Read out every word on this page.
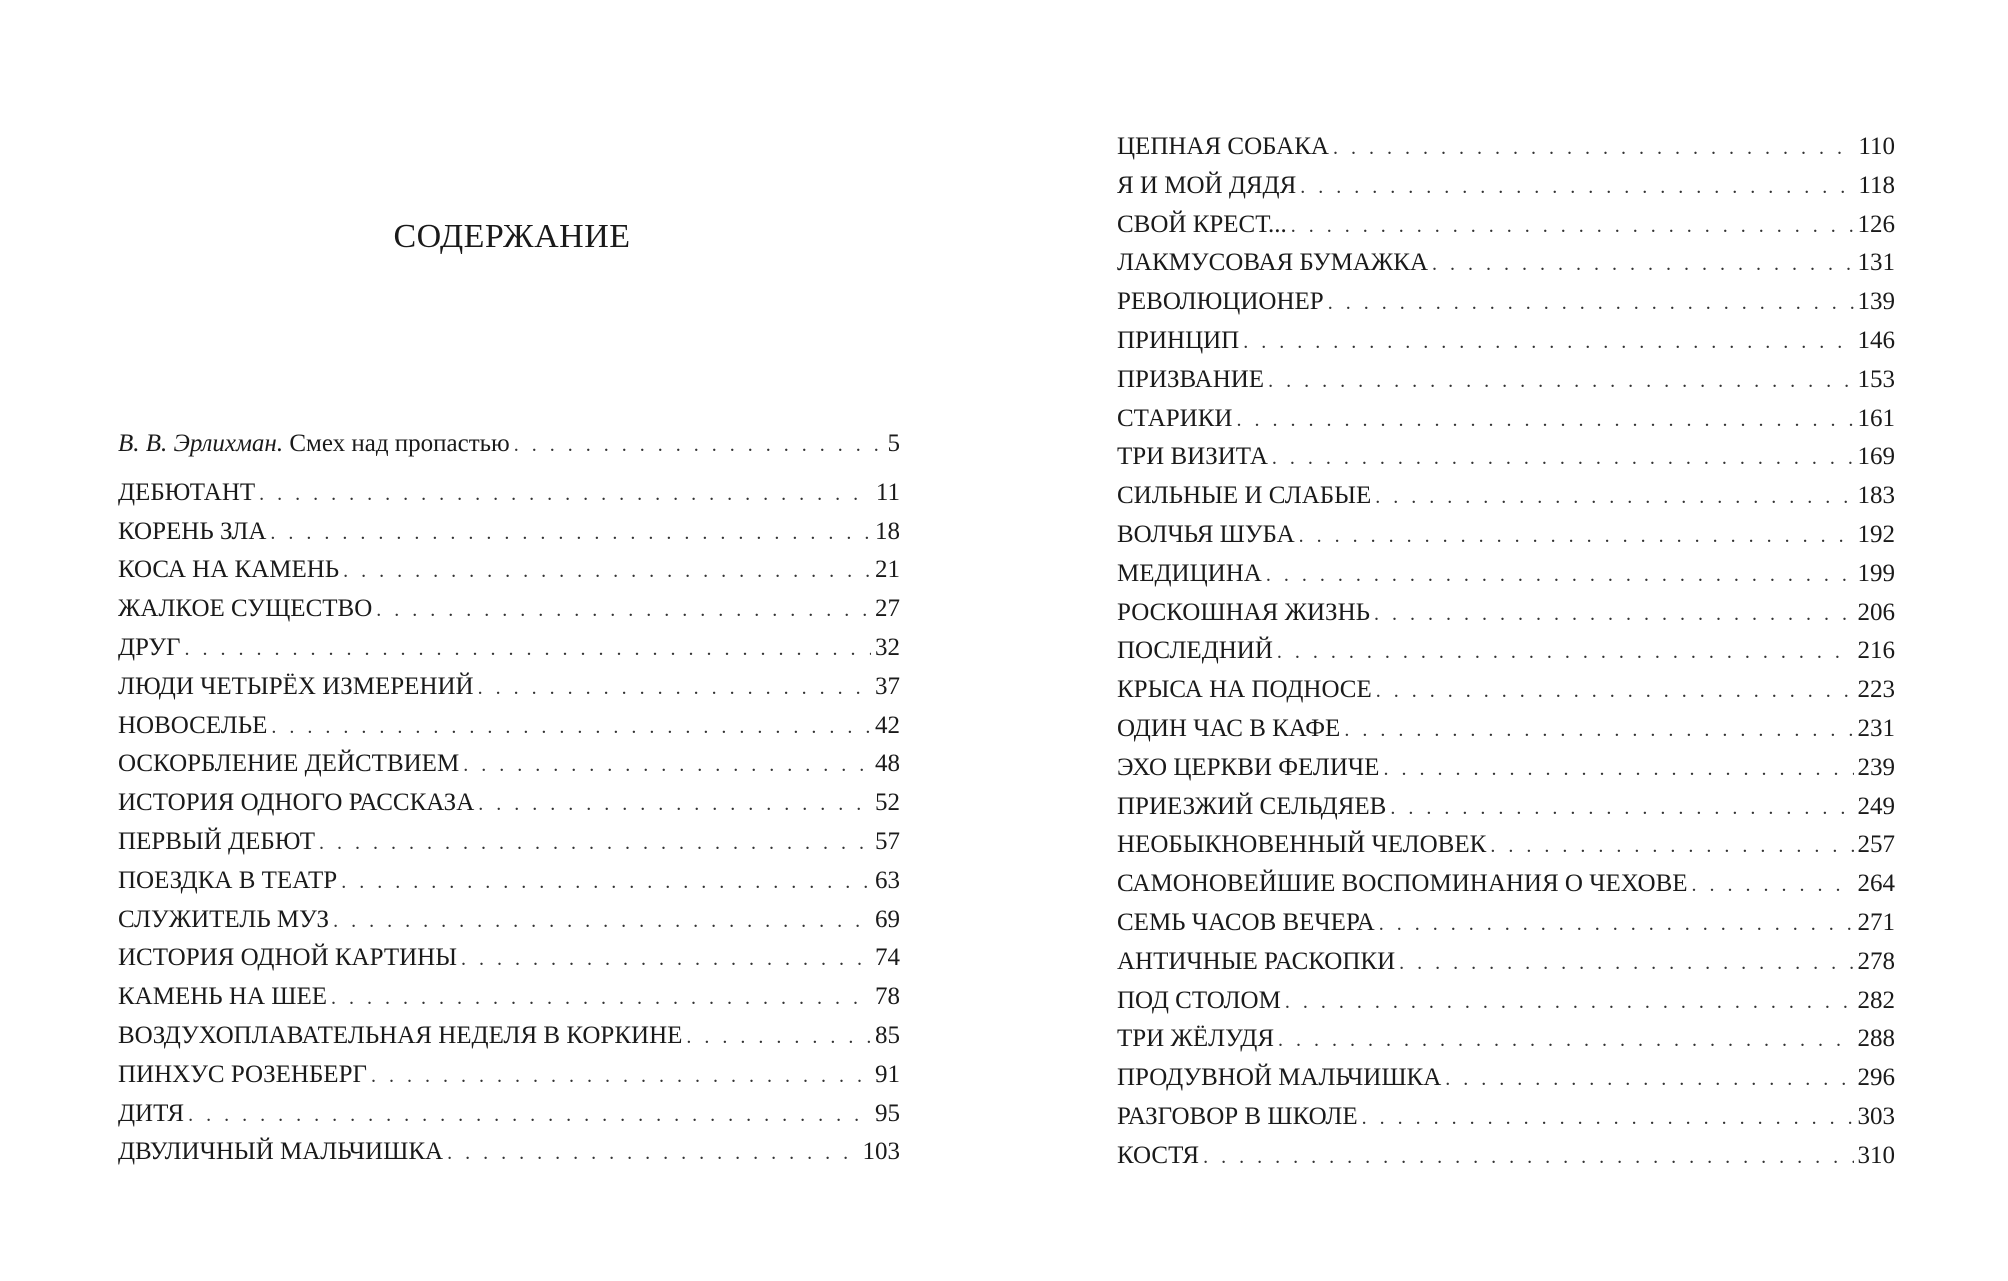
СОДЕРЖАНИЕ
В. В. Эрлихман. Смех над пропастью . . .	5
ДЕБЮТАНТ . . .	11
КОРЕНЬ ЗЛА . . .	18
КОСА НА КАМЕНЬ . . .	21
ЖАЛКОЕ СУЩЕСТВО . . .	27
ДРУГ . . .	32
ЛЮДИ ЧЕТЫРЁХ ИЗМЕРЕНИЙ . . .	37
НОВОСЕЛЬЕ . . .	42
ОСКОРБЛЕНИЕ ДЕЙСТВИЕМ . . .	48
ИСТОРИЯ ОДНОГО РАССКАЗА . . .	52
ПЕРВЫЙ ДЕБЮТ . . .	57
ПОЕЗДКА В ТЕАТР . . .	63
СЛУЖИТЕЛЬ МУЗ . . .	69
ИСТОРИЯ ОДНОЙ КАРТИНЫ . . .	74
КАМЕНЬ НА ШЕЕ . . .	78
ВОЗДУХОПЛАВАТЕЛЬНАЯ НЕДЕЛЯ В КОРКИНЕ . . .	85
ПИНХУС РОЗЕНБЕРГ . . .	91
ДИТЯ . . .	95
ДВУЛИЧНЫЙ МАЛЬЧИШКА . . .	103
ЦЕПНАЯ СОБАКА . . .	110
Я И МОЙ ДЯДЯ . . .	118
СВОЙ КРЕСТ... . . .	126
ЛАКМУСОВАЯ БУМАЖКА . . .	131
РЕВОЛЮЦИОНЕР . . .	139
ПРИНЦИП . . .	146
ПРИЗВАНИЕ . . .	153
СТАРИКИ . . .	161
ТРИ ВИЗИТА . . .	169
СИЛЬНЫЕ И СЛАБЫЕ . . .	183
ВОЛЧЬЯ ШУБА . . .	192
МЕДИЦИНА . . .	199
РОСКОШНАЯ ЖИЗНЬ . . .	206
ПОСЛЕДНИЙ . . .	216
КРЫСА НА ПОДНОСЕ . . .	223
ОДИН ЧАС В КАФЕ . . .	231
ЭХО ЦЕРКВИ ФЕЛИЧЕ . . .	239
ПРИЕЗЖИЙ СЕЛЬДЯЕВ . . .	249
НЕОБЫКНОВЕННЫЙ ЧЕЛОВЕК . . .	257
САМОНОВЕЙШИЕ ВОСПОМИНАНИЯ О ЧЕХОВЕ . . .	264
СЕМЬ ЧАСОВ ВЕЧЕРА . . .	271
АНТИЧНЫЕ РАСКОПКИ . . .	278
ПОД СТОЛОМ . . .	282
ТРИ ЖЁЛУДЯ . . .	288
ПРОДУВНОЙ МАЛЬЧИШКА . . .	296
РАЗГОВОР В ШКОЛЕ . . .	303
КОСТЯ . . .	310
